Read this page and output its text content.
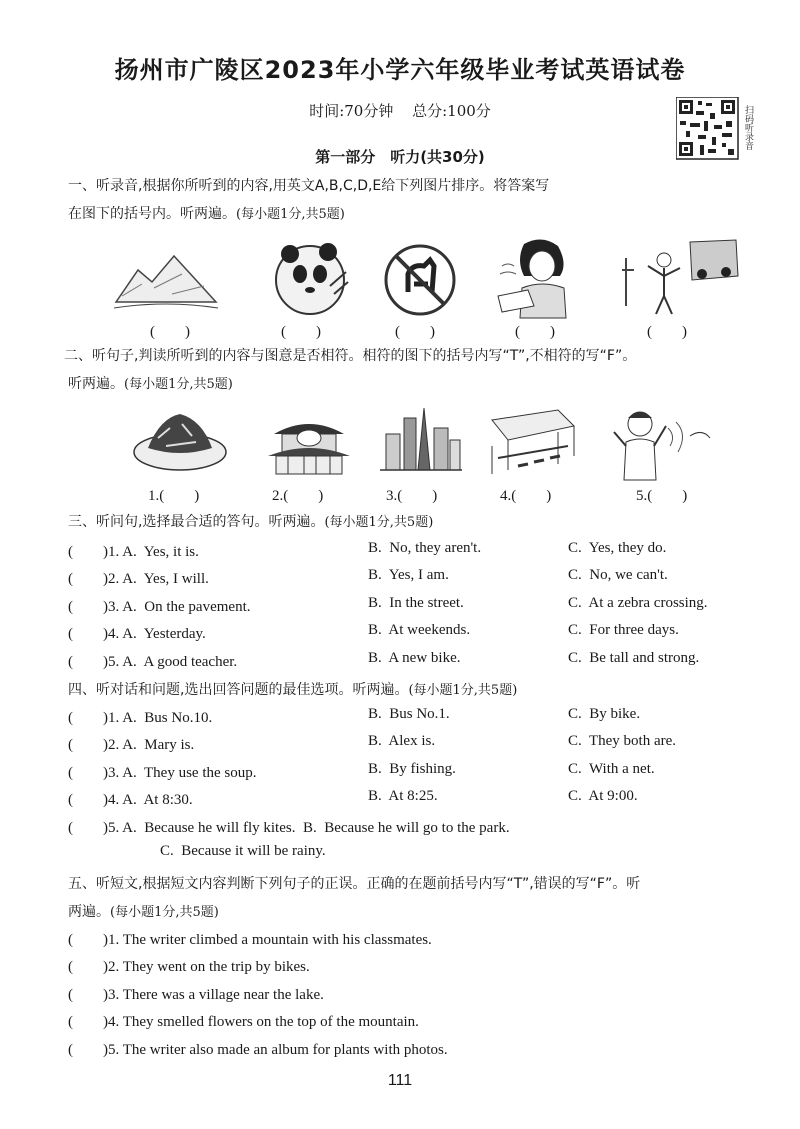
扬州市广陵区2023年小学六年级毕业考试英语试卷
时间:70分钟 总分:100分	扫码听录音
第一部分　听力(共30分)
一、听录音,根据你所听到的内容,用英文A,B,C,D,E给下列图片排序。将答案写
在图下的括号内。听两遍。(每小题1分,共5题)
(　　)	(　　)	(　　)	(　　)	(　　)
二、听句子,判读所听到的内容与图意是否相符。相符的图下的括号内写“T”,不相符的写“F”。
听两遍。(每小题1分,共5题)
1.(　　)	2.(　　)	3.(　　)	4.(　　)	5.(　　)
三、听问句,选择最合适的答句。听两遍。(每小题1分,共5题)
(　　)1. A.  Yes, it is.	B.  No, they aren't.	C.  Yes, they do.
(　　)2. A.  Yes, I will.	B.  Yes, I am.	C.  No, we can't.
(　　)3. A.  On the pavement.	B.  In the street.	C.  At a zebra crossing.
(　　)4. A.  Yesterday.	B.  At weekends.	C.  For three days.
(　　)5. A.  A good teacher.	B.  A new bike.	C.  Be tall and strong.
四、听对话和问题,选出回答问题的最佳选项。听两遍。(每小题1分,共5题)
(　　)1. A.  Bus No.10.	B.  Bus No.1.	C.  By bike.
(　　)2. A.  Mary is.	B.  Alex is.	C.  They both are.
(　　)3. A.  They use the soup.	B.  By fishing.	C.  With a net.
(　　)4. A.  At 8:30.	B.  At 8:25.	C.  At 9:00.
(　　)5. A.  Because he will fly kites.  B.  Because he will go to the park.
C.  Because it will be rainy.
五、听短文,根据短文内容判断下列句子的正误。正确的在题前括号内写“T”,错误的写“F”。听
两遍。(每小题1分,共5题)
(　　)1. The writer climbed a mountain with his classmates.
(　　)2. They went on the trip by bikes.
(　　)3. There was a village near the lake.
(　　)4. They smelled flowers on the top of the mountain.
(　　)5. The writer also made an album for plants with photos.
111
